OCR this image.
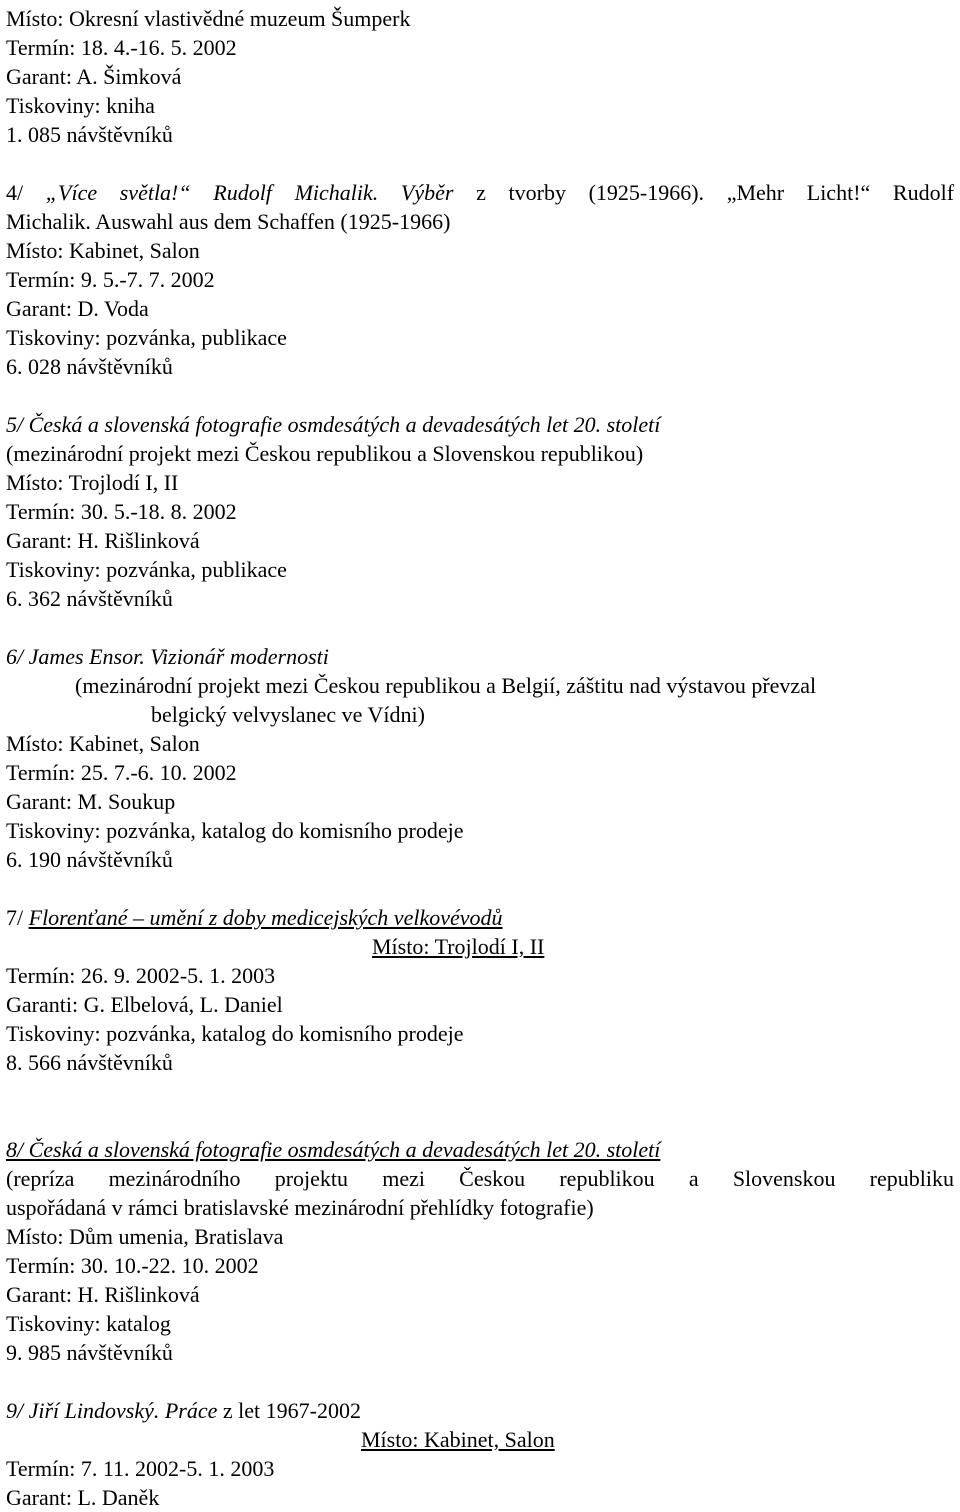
Místo: Okresní vlastivědné muzeum Šumperk

Termín: 18. 4.-16. 5. 2002

Garant: A. Šimková

Tiskoviny: kniha

1. 085 návštěvníků

4/ „Více světla!“ Rudolf Michalik. Výběr z tvorby (1925-1966). „Mehr Licht!“ Rudolf

Michalik. Auswahl aus dem Schaffen (1925-1966)

Místo: Kabinet, Salon

Termín: 9. 5.-7. 7. 2002

Garant: D. Voda

Tiskoviny: pozvánka, publikace

6. 028 návštěvníků

5/ Česká a slovenská fotografie osmdesátých a devadesátých let 20. století

(mezinárodní projekt mezi Českou republikou a Slovenskou republikou)

Místo: Trojlodí I, II

Termín: 30. 5.-18. 8. 2002

Garant: H. Rišlinková

Tiskoviny: pozvánka, publikace

6. 362 návštěvníků

6/ James Ensor. Vizionář modernosti

(mezinárodní projekt mezi Českou republikou a Belgií, záštitu nad výstavou převzal

belgický velvyslanec ve Vídni)

Místo: Kabinet, Salon

Termín: 25. 7.-6. 10. 2002

Garant: M. Soukup

Tiskoviny: pozvánka, katalog do komisního prodeje

6. 190 návštěvníků

7/ Florenťané – umění z doby medicejských velkovévodů

Místo: Trojlodí I, II

Termín: 26. 9. 2002-5. 1. 2003

Garanti: G. Elbelová, L. Daniel

Tiskoviny: pozvánka, katalog do komisního prodeje

8. 566 návštěvníků

8/ Česká a slovenská fotografie osmdesátých a devadesátých let 20. století

(repríza mezinárodního projektu mezi Českou republikou a Slovenskou republiku

uspořádaná v rámci bratislavské mezinárodní přehlídky fotografie)

Místo: Dům umenia, Bratislava

Termín: 30. 10.-22. 10. 2002

Garant: H. Rišlinková

Tiskoviny: katalog

9. 985 návštěvníků

9/ Jiří Lindovský. Práce z let 1967-2002

Místo: Kabinet, Salon

Termín: 7. 11. 2002-5. 1. 2003

Garant: L. Daněk
